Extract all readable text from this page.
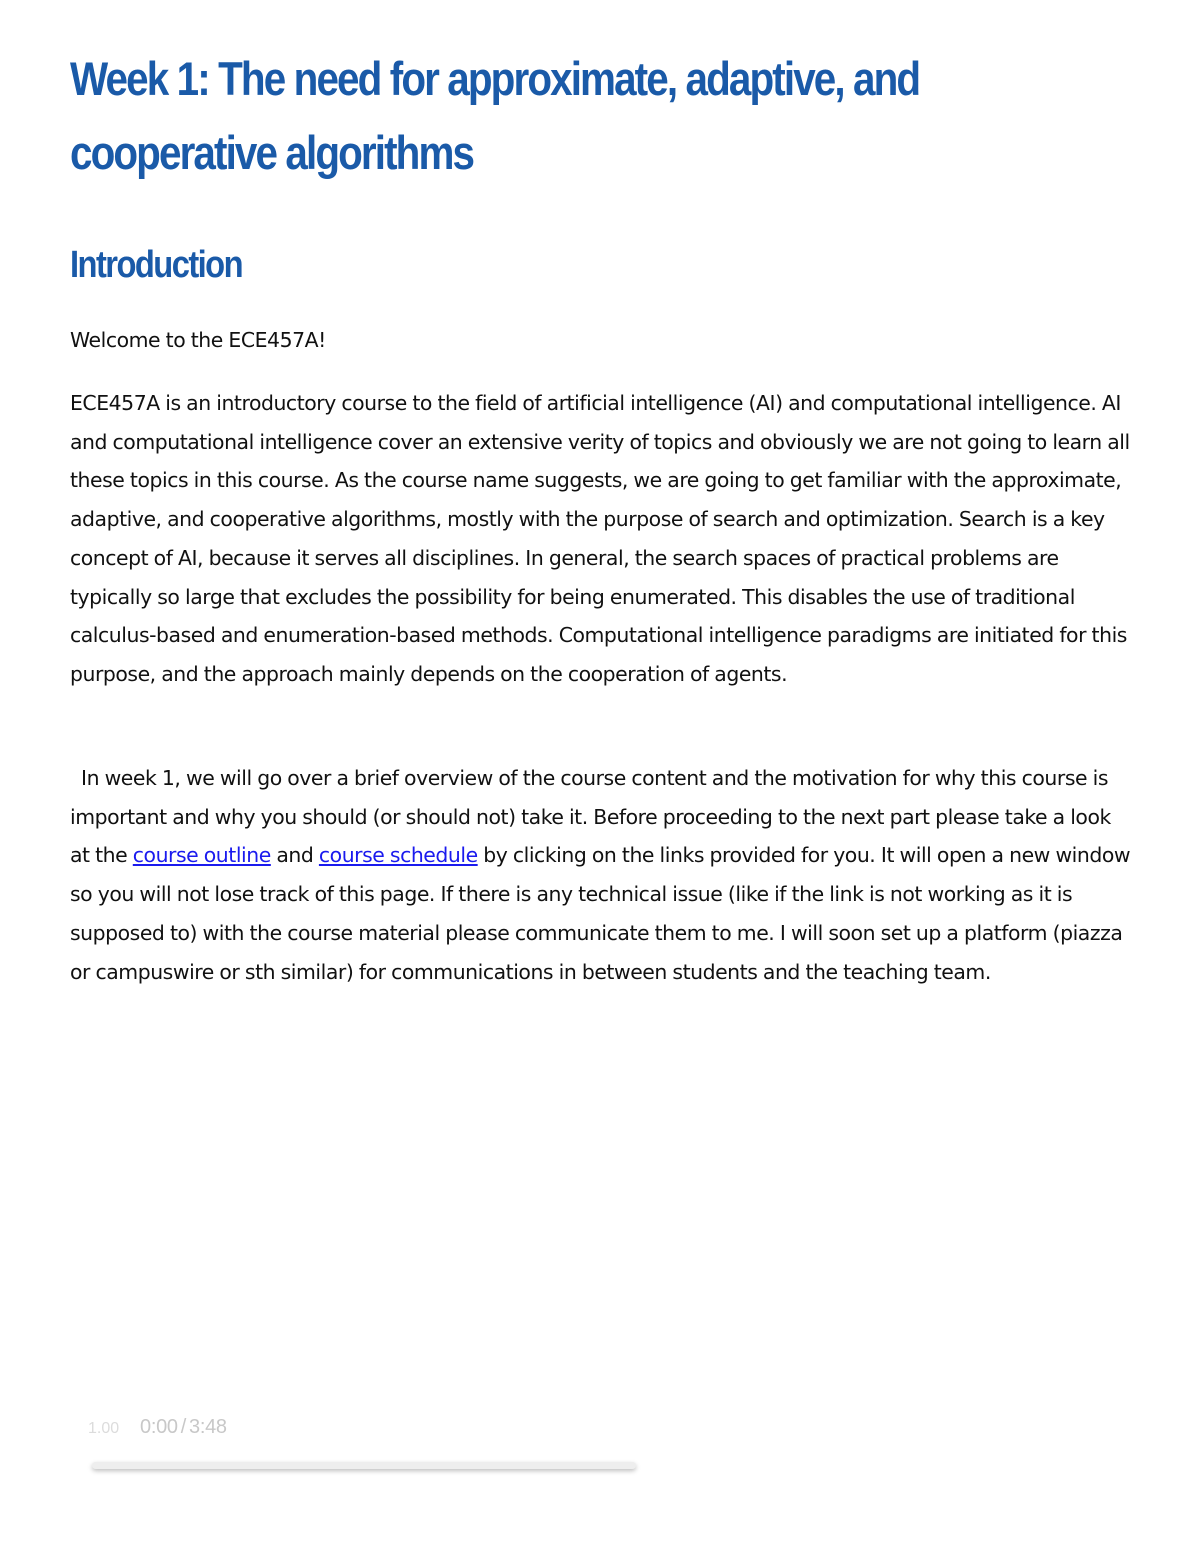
Week 1: The need for approximate, adaptive, and cooperative algorithms
Introduction

Welcome to the ECE457A!

ECE457A is an introductory course to the field of artificial intelligence (AI) and computational intelligence. AI and computational intelligence cover an extensive verity of topics and obviously we are not going to learn all these topics in this course. As the course name suggests, we are going to get familiar with the approximate, adaptive, and cooperative algorithms, mostly with the purpose of search and optimization. Search is a key concept of AI, because it serves all disciplines. In general, the search spaces of practical problems are typically so large that excludes the possibility for being enumerated. This disables the use of traditional calculus-based and enumeration-based methods. Computational intelligence paradigms are initiated for this purpose, and the approach mainly depends on the cooperation of agents.

In week 1, we will go over a brief overview of the course content and the motivation for why this course is important and why you should (or should not) take it. Before proceeding to the next part please take a look at the course outline and course schedule by clicking on the links provided for you. It will open a new window so you will not lose track of this page. If there is any technical issue (like if the link is not working as it is supposed to) with the course material please communicate them to me. I will soon set up a platform (piazza or campuswire or sth similar) for communications in between students and the teaching team.

1.00 0:00 / 3:48
